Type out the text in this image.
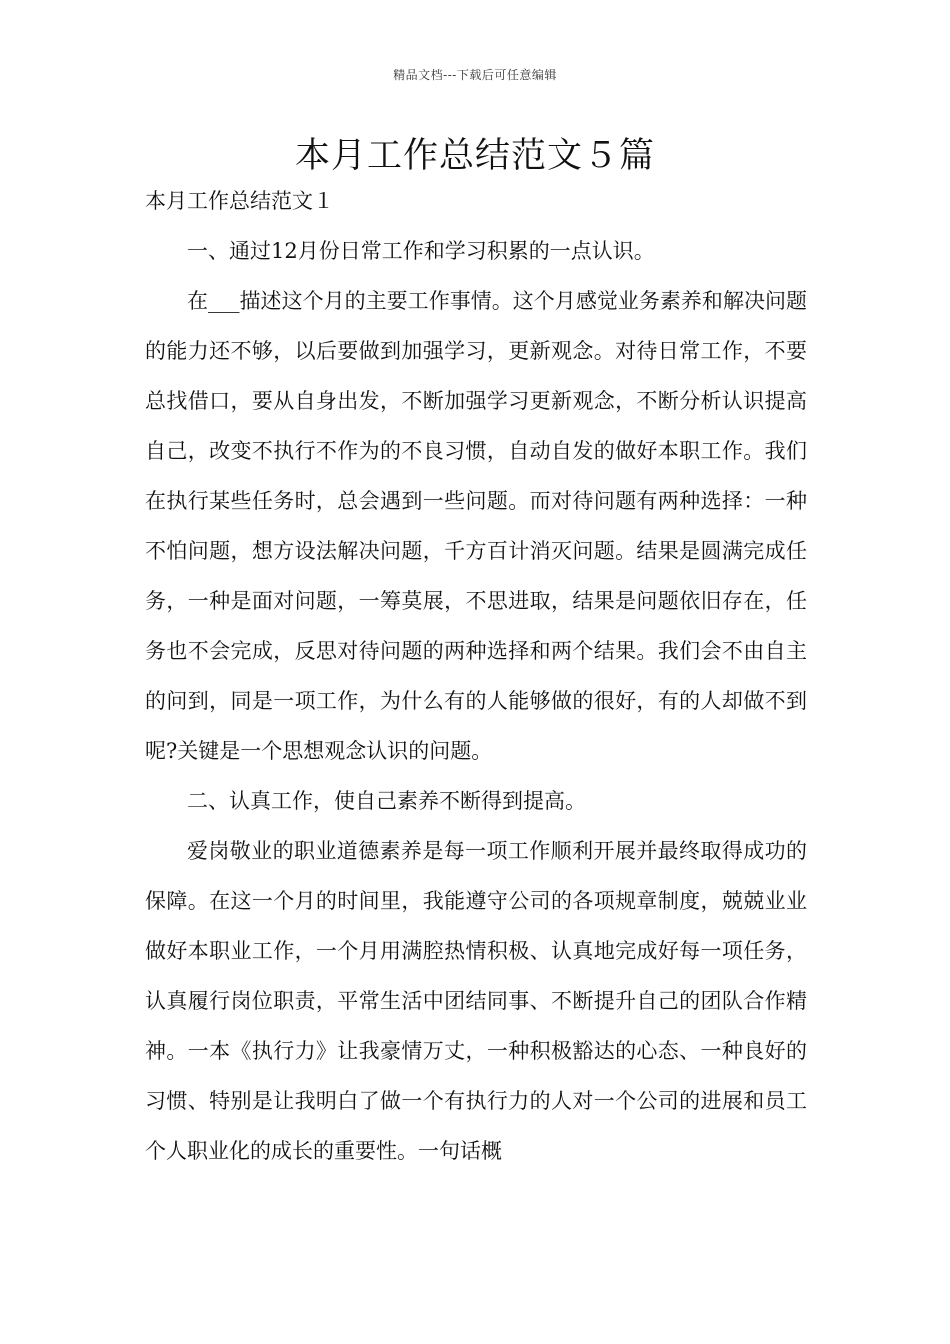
精品文档---下载后可任意编辑
本月工作总结范文５篇

本月工作总结范文１

一、通过12月份日常工作和学习积累的一点认识。

在___描述这个月的主要工作事情。这个月感觉业务素养和解决问题的能力还不够，以后要做到加强学习，更新观念。对待日常工作，不要总找借口，要从自身出发，不断加强学习更新观念，不断分析认识提高自己，改变不执行不作为的不良习惯，自动自发的做好本职工作。我们在执行某些任务时，总会遇到一些问题。而对待问题有两种选择：一种不怕问题，想方设法解决问题，千方百计消灭问题。结果是圆满完成任务，一种是面对问题，一筹莫展，不思进取，结果是问题依旧存在，任务也不会完成，反思对待问题的两种选择和两个结果。我们会不由自主的问到，同是一项工作，为什么有的人能够做的很好，有的人却做不到呢?关键是一个思想观念认识的问题。

二、认真工作，使自己素养不断得到提高。

爱岗敬业的职业道德素养是每一项工作顺利开展并最终取得成功的保障。在这一个月的时间里，我能遵守公司的各项规章制度，兢兢业业做好本职业工作，一个月用满腔热情积极、认真地完成好每一项任务，认真履行岗位职责，平常生活中团结同事、不断提升自己的团队合作精神。一本《执行力》让我豪情万丈，一种积极豁达的心态、一种良好的习惯、特别是让我明白了做一个有执行力的人对一个公司的进展和员工个人职业化的成长的重要性。一句话概
